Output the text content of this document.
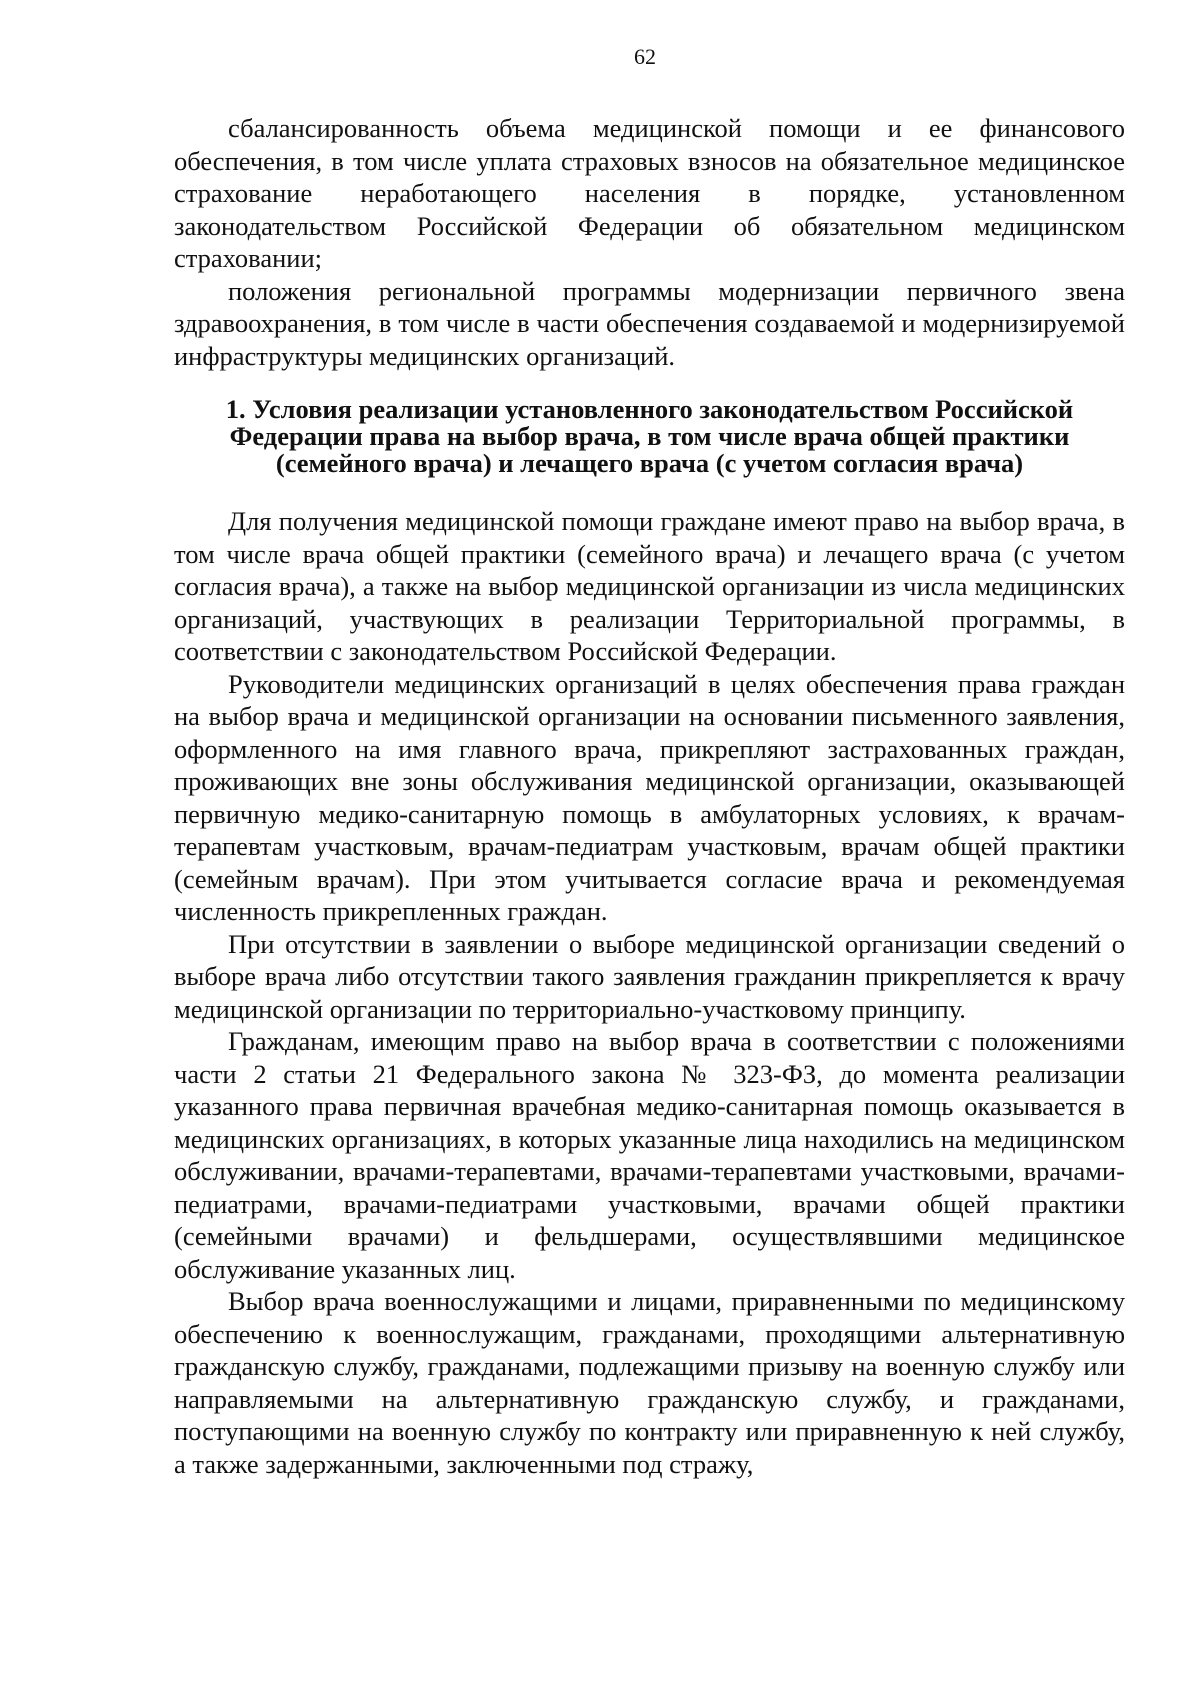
62

сбалансированность объема медицинской помощи и ее финансового обеспечения, в том числе уплата страховых взносов на обязательное медицинское страхование неработающего населения в порядке, установленном законодательством Российской Федерации об обязательном медицинском страховании;

положения региональной программы модернизации первичного звена здравоохранения, в том числе в части обеспечения создаваемой и модернизируемой инфраструктуры медицинских организаций.

1. Условия реализации установленного законодательством Российской
Федерации права на выбор врача, в том числе врача общей практики
(семейного врача) и лечащего врача (с учетом согласия врача)

Для получения медицинской помощи граждане имеют право на выбор врача, в том числе врача общей практики (семейного врача) и лечащего врача (с учетом согласия врача), а также на выбор медицинской организации из числа медицинских организаций, участвующих в реализации Территориальной программы, в соответствии с законодательством Российской Федерации.

Руководители медицинских организаций в целях обеспечения права граждан на выбор врача и медицинской организации на основании письменного заявления, оформленного на имя главного врача, прикрепляют застрахованных граждан, проживающих вне зоны обслуживания медицинской организации, оказывающей первичную медико-санитарную помощь в амбулаторных условиях, к врачам-терапевтам участковым, врачам-педиатрам участковым, врачам общей практики (семейным врачам). При этом учитывается согласие врача и рекомендуемая численность прикрепленных граждан.

При отсутствии в заявлении о выборе медицинской организации сведений о выборе врача либо отсутствии такого заявления гражданин прикрепляется к врачу медицинской организации по территориально-участковому принципу.

Гражданам, имеющим право на выбор врача в соответствии с положениями части 2 статьи 21 Федерального закона № 323-ФЗ, до момента реализации указанного права первичная врачебная медико-санитарная помощь оказывается в медицинских организациях, в которых указанные лица находились на медицинском обслуживании, врачами-терапевтами, врачами-терапевтами участковыми, врачами-педиатрами, врачами-педиатрами участковыми, врачами общей практики (семейными врачами) и фельдшерами, осуществлявшими медицинское обслуживание указанных лиц.

Выбор врача военнослужащими и лицами, приравненными по медицинскому обеспечению к военнослужащим, гражданами, проходящими альтернативную гражданскую службу, гражданами, подлежащими призыву на военную службу или направляемыми на альтернативную гражданскую службу, и гражданами, поступающими на военную службу по контракту или приравненную к ней службу, а также задержанными, заключенными под стражу,
